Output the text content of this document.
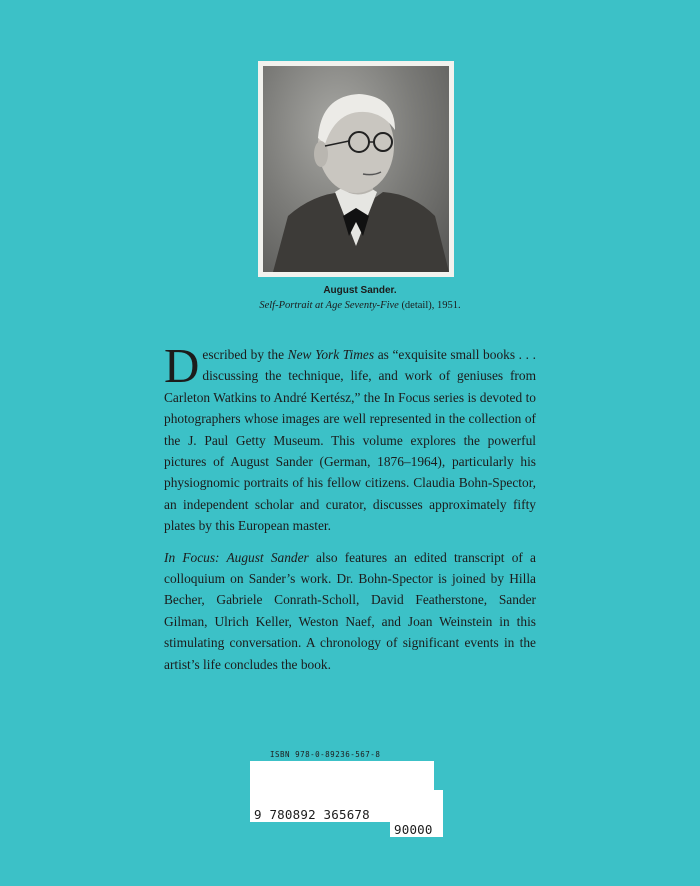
August Sander.
Self-Portrait at Age Seventy-Five (detail), 1951.

Described by the New York Times as “exquisite small books . . . discussing the technique, life, and work of geniuses from Carleton Watkins to André Kertész,” the In Focus series is devoted to photographers whose images are well represented in the collection of the J. Paul Getty Museum. This volume explores the powerful pictures of August Sander (German, 1876–1964), particularly his physiognomic portraits of his fellow citizens. Claudia Bohn-Spector, an independent scholar and curator, discusses approximately fifty plates by this European master.

In Focus: August Sander also features an edited transcript of a colloquium on Sander’s work. Dr. Bohn-Spector is joined by Hilla Becher, Gabriele Conrath-Scholl, David Featherstone, Sander Gilman, Ulrich Keller, Weston Naef, and Joan Weinstein in this stimulating conversation. A chronology of significant events in the artist’s life concludes the book.

ISBN 978-0-89236-567-8
9 780892 365678
90000
